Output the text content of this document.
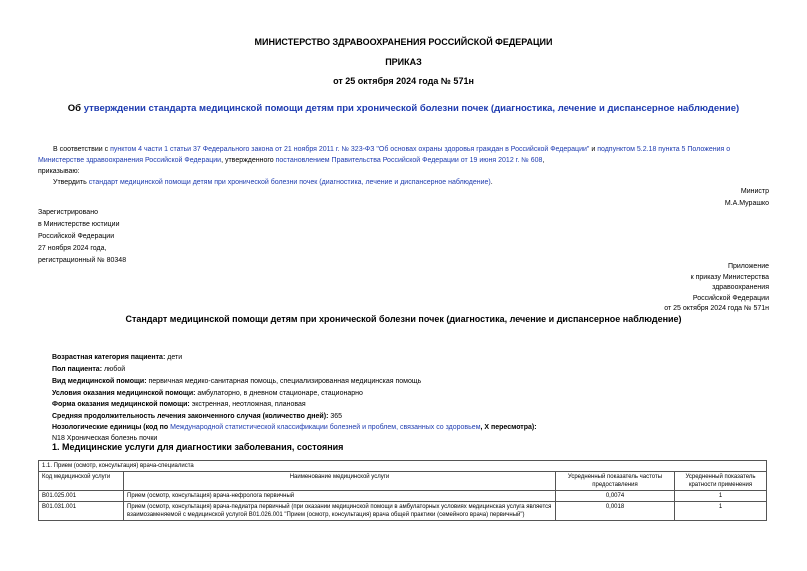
МИНИСТЕРСТВО ЗДРАВООХРАНЕНИЯ РОССИЙСКОЙ ФЕДЕРАЦИИ
ПРИКАЗ
от 25 октября 2024 года № 571н
Об утверждении стандарта медицинской помощи детям при хронической болезни почек (диагностика, лечение и диспансерное наблюдение)
В соответствии с пунктом 4 части 1 статьи 37 Федерального закона от 21 ноября 2011 г. № 323-ФЗ "Об основах охраны здоровья граждан в Российской Федерации" и подпунктом 5.2.18 пункта 5 Положения о Министерстве здравоохранения Российской Федерации, утвержденного постановлением Правительства Российской Федерации от 19 июня 2012 г. № 608,
приказываю:
Утвердить стандарт медицинской помощи детям при хронической болезни почек (диагностика, лечение и диспансерное наблюдение).
Министр
М.А.Мурашко
Зарегистрировано
в Министерстве юстиции
Российской Федерации
27 ноября 2024 года,
регистрационный № 80348
Приложение
к приказу Министерства
здравоохранения
Российской Федерации
от 25 октября 2024 года № 571н
Стандарт медицинской помощи детям при хронической болезни почек (диагностика, лечение и диспансерное наблюдение)
Возрастная категория пациента: дети
Пол пациента: любой
Вид медицинской помощи: первичная медико-санитарная помощь, специализированная медицинская помощь
Условия оказания медицинской помощи: амбулаторно, в дневном стационаре, стационарно
Форма оказания медицинской помощи: экстренная, неотложная, плановая
Средняя продолжительность лечения законченного случая (количество дней): 365
Нозологические единицы (код по Международной статистической классификации болезней и проблем, связанных со здоровьем, X пересмотра):
N18 Хроническая болезнь почки
1. Медицинские услуги для диагностики заболевания, состояния
1.1. Прием (осмотр, консультация) врача-специалиста			
Код медицинской услуги	Наименование медицинской услуги	Усредненный показатель частоты предоставления	Усредненный показатель кратности применения
B01.025.001	Прием (осмотр, консультация) врача-нефролога первичный	0,0074	1
B01.031.001	Прием (осмотр, консультация) врача-педиатра первичный (при оказании медицинской помощи в амбулаторных условиях медицинская услуга является взаимозаменяемой с медицинской услугой B01.026.001 "Прием (осмотр, консультация) врача общей практики (семейного врача) первичный")	0,0018	1
